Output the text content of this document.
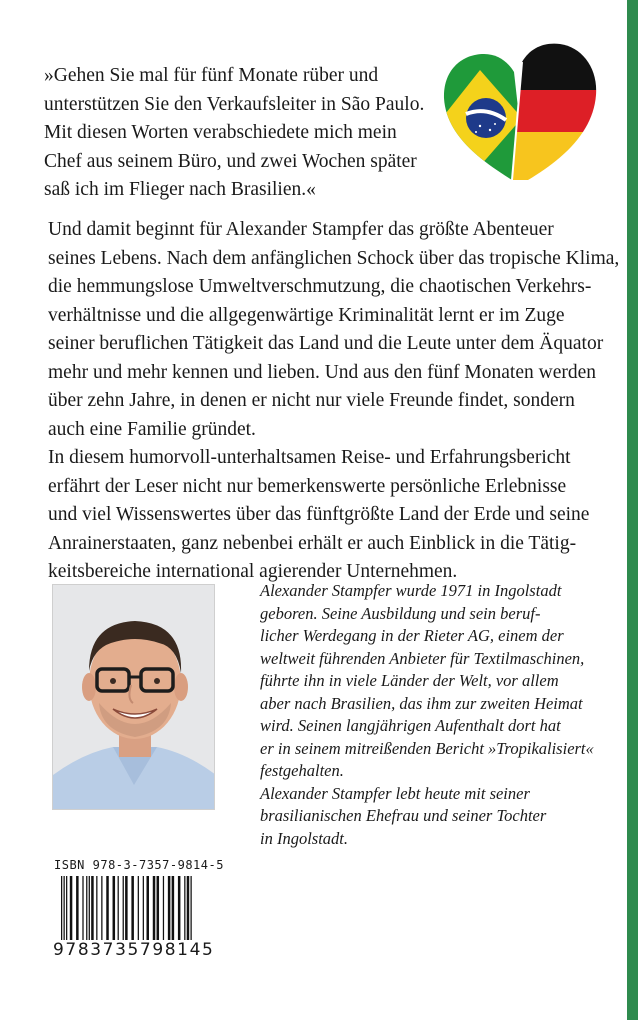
»Gehen Sie mal für fünf Monate rüber und

unterstützen Sie den Verkaufsleiter in São Paulo.

Mit diesen Worten verabschiedete mich mein

Chef aus seinem Büro, und zwei Wochen später

saß ich im Flieger nach Brasilien.«

Und damit beginnt für Alexander Stampfer das größte Abenteuer

seines Lebens. Nach dem anfänglichen Schock über das tropische Klima,

die hemmungslose Umweltverschmutzung, die chaotischen Verkehrs-

verhältnisse und die allgegenwärtige Kriminalität lernt er im Zuge

seiner beruflichen Tätigkeit das Land und die Leute unter dem Äquator

mehr und mehr kennen und lieben. Und aus den fünf Monaten werden

über zehn Jahre, in denen er nicht nur viele Freunde findet, sondern

auch eine Familie gründet.

In diesem humorvoll-unterhaltsamen Reise- und Erfahrungsbericht

erfährt der Leser nicht nur bemerkenswerte persönliche Erlebnisse

und viel Wissenswertes über das fünftgrößte Land der Erde und seine

Anrainerstaaten, ganz nebenbei erhält er auch Einblick in die Tätig-

keitsbereiche international agierender Unternehmen.

Alexander Stampfer wurde 1971 in Ingolstadt

geboren. Seine Ausbildung und sein beruf-

licher Werdegang in der Rieter AG, einem der

weltweit führenden Anbieter für Textilmaschinen,

führte ihn in viele Länder der Welt, vor allem

aber nach Brasilien, das ihm zur zweiten Heimat

wird. Seinen langjährigen Aufenthalt dort hat

er in seinem mitreißenden Bericht »Tropikalisiert«

festgehalten.

Alexander Stampfer lebt heute mit seiner

brasilianischen Ehefrau und seiner Tochter

in Ingolstadt.

ISBN 978-3-7357-9814-5
9783735798145
